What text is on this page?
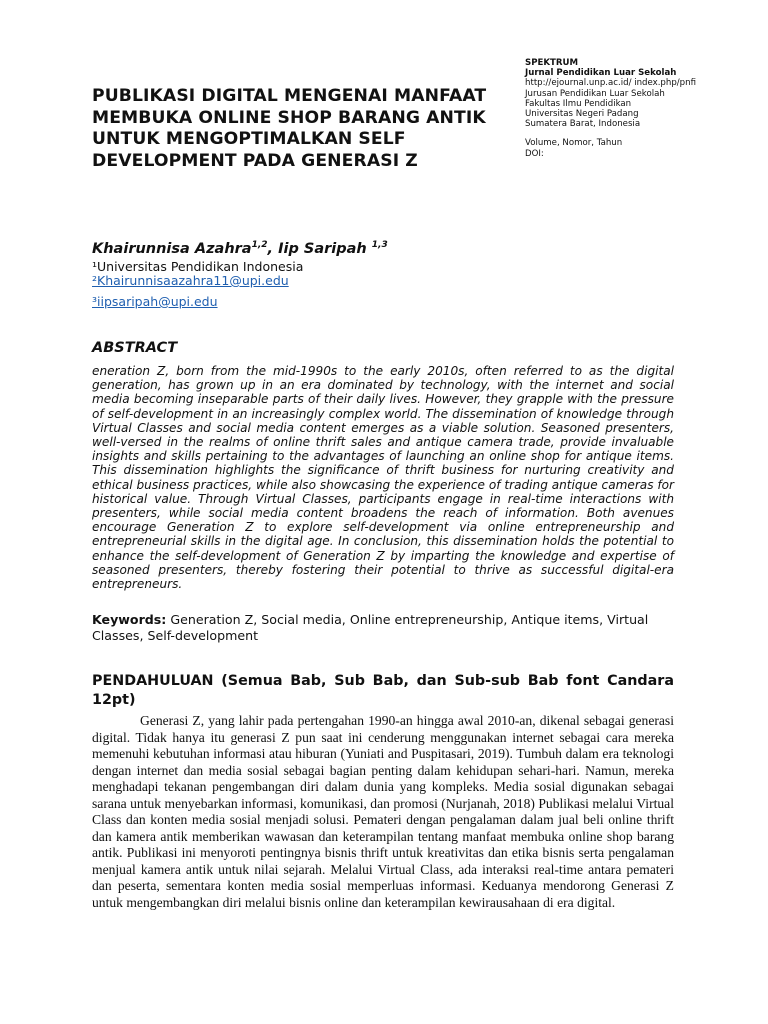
SPEKTRUM
Jurnal Pendidikan Luar Sekolah
http://ejournal.unp.ac.id/ index.php/pnfi
Jurusan Pendidikan Luar Sekolah
Fakultas Ilmu Pendidikan
Universitas Negeri Padang
Sumatera Barat, Indonesia
Volume, Nomor, Tahun
DOI:
PUBLIKASI DIGITAL MENGENAI MANFAAT MEMBUKA ONLINE SHOP BARANG ANTIK UNTUK MENGOPTIMALKAN SELF DEVELOPMENT PADA GENERASI Z
Khairunnisa Azahra$^{1,2}$, Iip Saripah $^{1,3}$
¹Universitas Pendidikan Indonesia
²Khairunnisaazahra11@upi.edu
³iipsaripah@upi.edu
ABSTRACT

eneration Z, born from the mid-1990s to the early 2010s, often referred to as the digital generation, has grown up in an era dominated by technology, with the internet and social media becoming inseparable parts of their daily lives. However, they grapple with the pressure of self-development in an increasingly complex world. The dissemination of knowledge through Virtual Classes and social media content emerges as a viable solution. Seasoned presenters, well-versed in the realms of online thrift sales and antique camera trade, provide invaluable insights and skills pertaining to the advantages of launching an online shop for antique items. This dissemination highlights the significance of thrift business for nurturing creativity and ethical business practices, while also showcasing the experience of trading antique cameras for historical value. Through Virtual Classes, participants engage in real-time interactions with presenters, while social media content broadens the reach of information. Both avenues encourage Generation Z to explore self-development via online entrepreneurship and entrepreneurial skills in the digital age. In conclusion, this dissemination holds the potential to enhance the self-development of Generation Z by imparting the knowledge and expertise of seasoned presenters, thereby fostering their potential to thrive as successful digital-era entrepreneurs.

Keywords: Generation Z, Social media, Online entrepreneurship, Antique items, Virtual Classes, Self-development

PENDAHULUAN (Semua Bab, Sub Bab, dan Sub-sub Bab font Candara 12pt)

Generasi Z, yang lahir pada pertengahan 1990-an hingga awal 2010-an, dikenal sebagai generasi digital. Tidak hanya itu generasi Z pun saat ini cenderung menggunakan internet sebagai cara mereka memenuhi kebutuhan informasi atau hiburan (Yuniati and Puspitasari, 2019). Tumbuh dalam era teknologi dengan internet dan media sosial sebagai bagian penting dalam kehidupan sehari-hari. Namun, mereka menghadapi tekanan pengembangan diri dalam dunia yang kompleks. Media sosial digunakan sebagai sarana untuk menyebarkan informasi, komunikasi, dan promosi (Nurjanah, 2018) Publikasi melalui Virtual Class dan konten media sosial menjadi solusi. Pemateri dengan pengalaman dalam jual beli online thrift dan kamera antik memberikan wawasan dan keterampilan tentang manfaat membuka online shop barang antik. Publikasi ini menyoroti pentingnya bisnis thrift untuk kreativitas dan etika bisnis serta pengalaman menjual kamera antik untuk nilai sejarah. Melalui Virtual Class, ada interaksi real-time antara pemateri dan peserta, sementara konten media sosial memperluas informasi. Keduanya mendorong Generasi Z untuk mengembangkan diri melalui bisnis online dan keterampilan kewirausahaan di era digital.
